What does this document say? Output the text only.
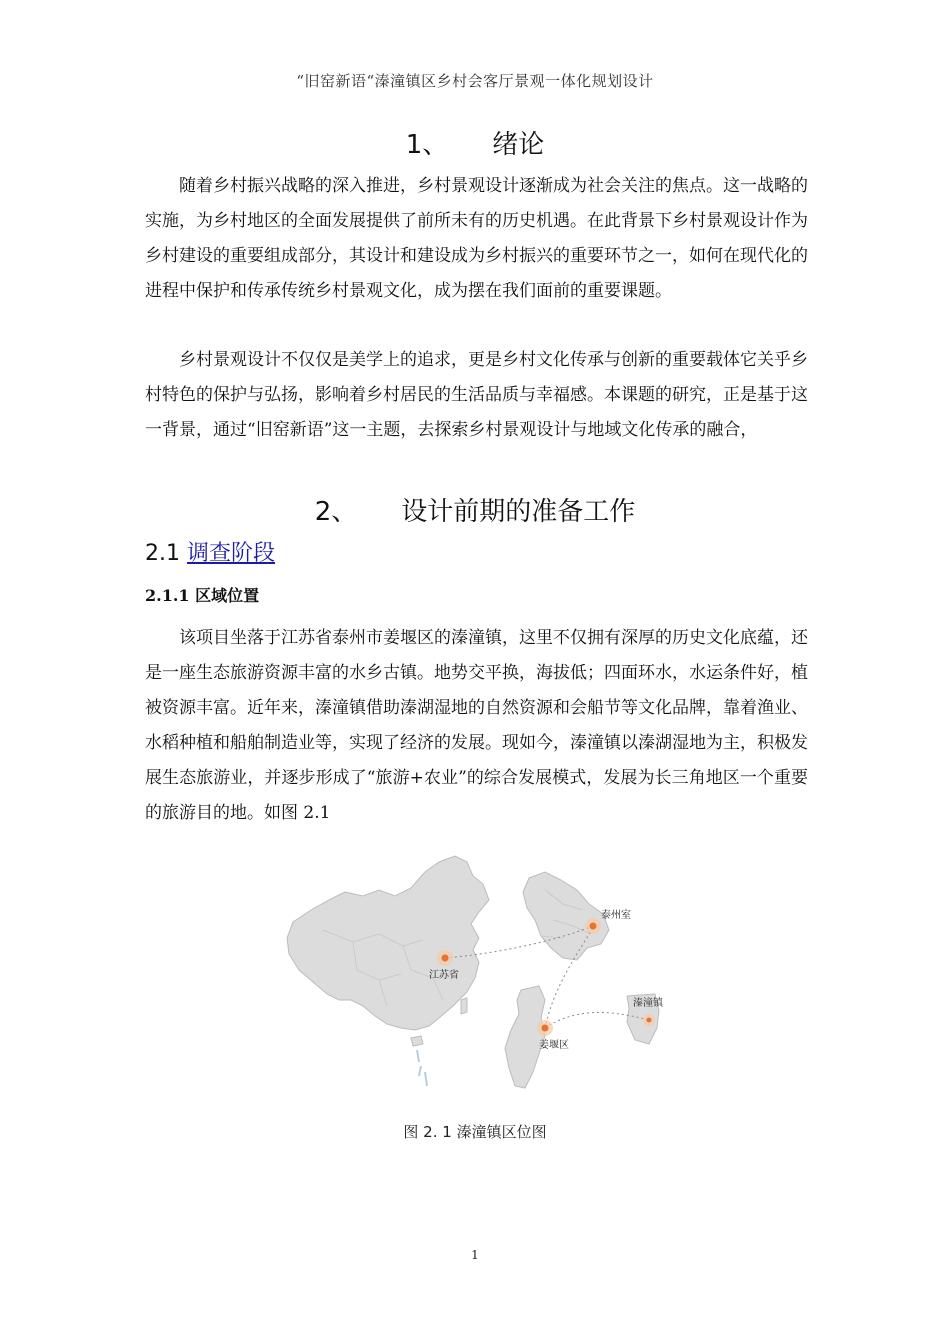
“旧窑新语“溱潼镇区乡村会客厅景观一体化规划设计
1、 绪论
随着乡村振兴战略的深入推进，乡村景观设计逐渐成为社会关注的焦点。这一战略的实施，为乡村地区的全面发展提供了前所未有的历史机遇。在此背景下乡村景观设计作为乡村建设的重要组成部分，其设计和建设成为乡村振兴的重要环节之一，如何在现代化的进程中保护和传承传统乡村景观文化，成为摆在我们面前的重要课题。
乡村景观设计不仅仅是美学上的追求，更是乡村文化传承与创新的重要载体它关乎乡村特色的保护与弘扬，影响着乡村居民的生活品质与幸福感。本课题的研究，正是基于这一背景，通过“旧窑新语”这一主题，去探索乡村景观设计与地域文化传承的融合，
2、 设计前期的准备工作
2.1 调查阶段
2.1.1 区域位置
该项目坐落于江苏省泰州市姜堰区的溱潼镇，这里不仅拥有深厚的历史文化底蕴，还是一座生态旅游资源丰富的水乡古镇。地势交平换，海拔低；四面环水，水运条件好，植被资源丰富。近年来，溱潼镇借助溱湖湿地的自然资源和会船节等文化品牌，靠着渔业、水稻种植和船舶制造业等，实现了经济的发展。现如今，溱潼镇以溱湖湿地为主，积极发展生态旅游业，并逐步形成了“旅游+农业”的综合发展模式，发展为长三角地区一个重要的旅游目的地。如图 2.1
江苏省
泰州室
姜堰区
溱潼镇
图 2. 1 溱潼镇区位图
1
